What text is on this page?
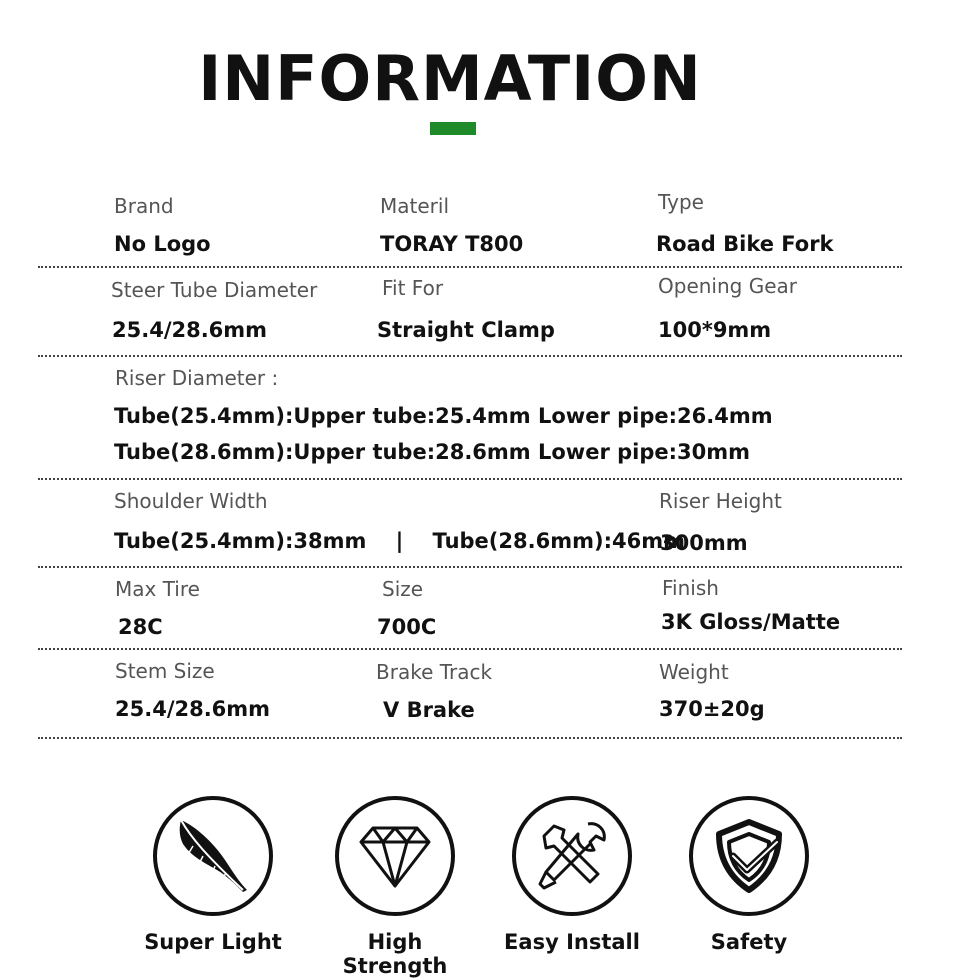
INFORMATION
Brand
No Logo
Materil
TORAY T800
Type
Road Bike Fork
Steer Tube Diameter
25.4/28.6mm
Fit For
Straight Clamp
Opening Gear
100*9mm
Riser Diameter :
Tube(25.4mm):Upper tube:25.4mm Lower pipe:26.4mm
Tube(28.6mm):Upper tube:28.6mm Lower pipe:30mm
Shoulder Width
Tube(25.4mm):38mm    |    Tube(28.6mm):46mm
Riser Height
300mm
Max Tire
28C
Size
700C
Finish
3K Gloss/Matte
Stem Size
25.4/28.6mm
Brake Track
V Brake
Weight
370±20g
Super Light	High Strength
Easy Install	Safety
